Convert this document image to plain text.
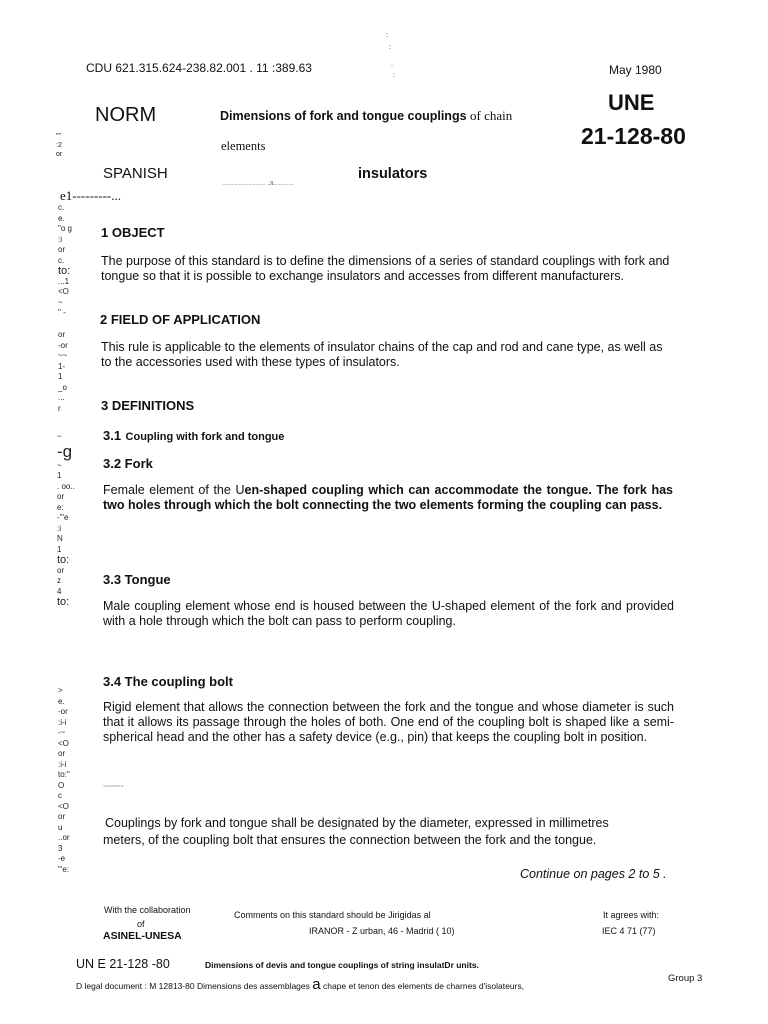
:
:
.
:
CDU 621.315.624-238.82.001 . 11 :389.63	May 1980
NORM
SPANISH
UNE
21-128-80
Dimensions of fork and tongue couplings of chain
elements
insulators
............................... ..JL..............
""
:2
or
e1---------...
c.
e.
"o g
:i
or
c.
to:
...1
<O
~
" -
or
-or
~~
1-
1
_o
...
r
~
-g
~
1
. oo..
or
e:
-"'e
:i
N
1
to:
or
z
4
to:
>
e.
-or
:i-i
-~
<O
or
:i-i
to:"
O
c
<O
or
u
..or
3
-e
"'e:
1 OBJECT
The purpose of this standard is to define the dimensions of a series of standard couplings with fork and tongue so that it is possible to exchange insulators and accesses from different manufacturers.
2 FIELD OF APPLICATION
This rule is applicable to the elements of insulator chains of the cap and rod and cane type, as well as to the accessories used with these types of insulators.
3 DEFINITIONS
3.1 Coupling with fork and tongue
3.2 Fork
Female element of the Uen-shaped coupling which can accommodate the tongue. The fork has two holes through which the bolt connecting the two elements forming the coupling can pass.
3.3 Tongue
Male coupling element whose end is housed between the U-shaped element of the fork and provided with a hole through which the bolt can pass to perform coupling.
3.4 The coupling bolt
Rigid element that allows the connection between the fork and the tongue and whose diameter is such that it allows its passage through the holes of both. One end of the coupling bolt is shaped like a semi-spherical head and the other has a safety device (e.g., pin) that keeps the coupling bolt in position.
~~~~~~~
Couplings by fork and tongue shall be designated by the diameter, expressed in millimetres
meters, of the coupling bolt that ensures the connection between the fork and the tongue.
Continue on pages 2 to 5 .
With the collaboration
of
ASINEL-UNESA
Comments on this standard should be Jirigidas al
IRANOR - Z urban, 46 - Madrid ( 10)
It agrees with:
IEC 4 71 (77)
UN E 21-128 -80	Dimensions of devis and tongue couplings of string insulatDr units.
D legal document : M 12813-80 Dimensions des assemblages a chape et tenon des elements de charnes d'isolateurs,
Group 3
